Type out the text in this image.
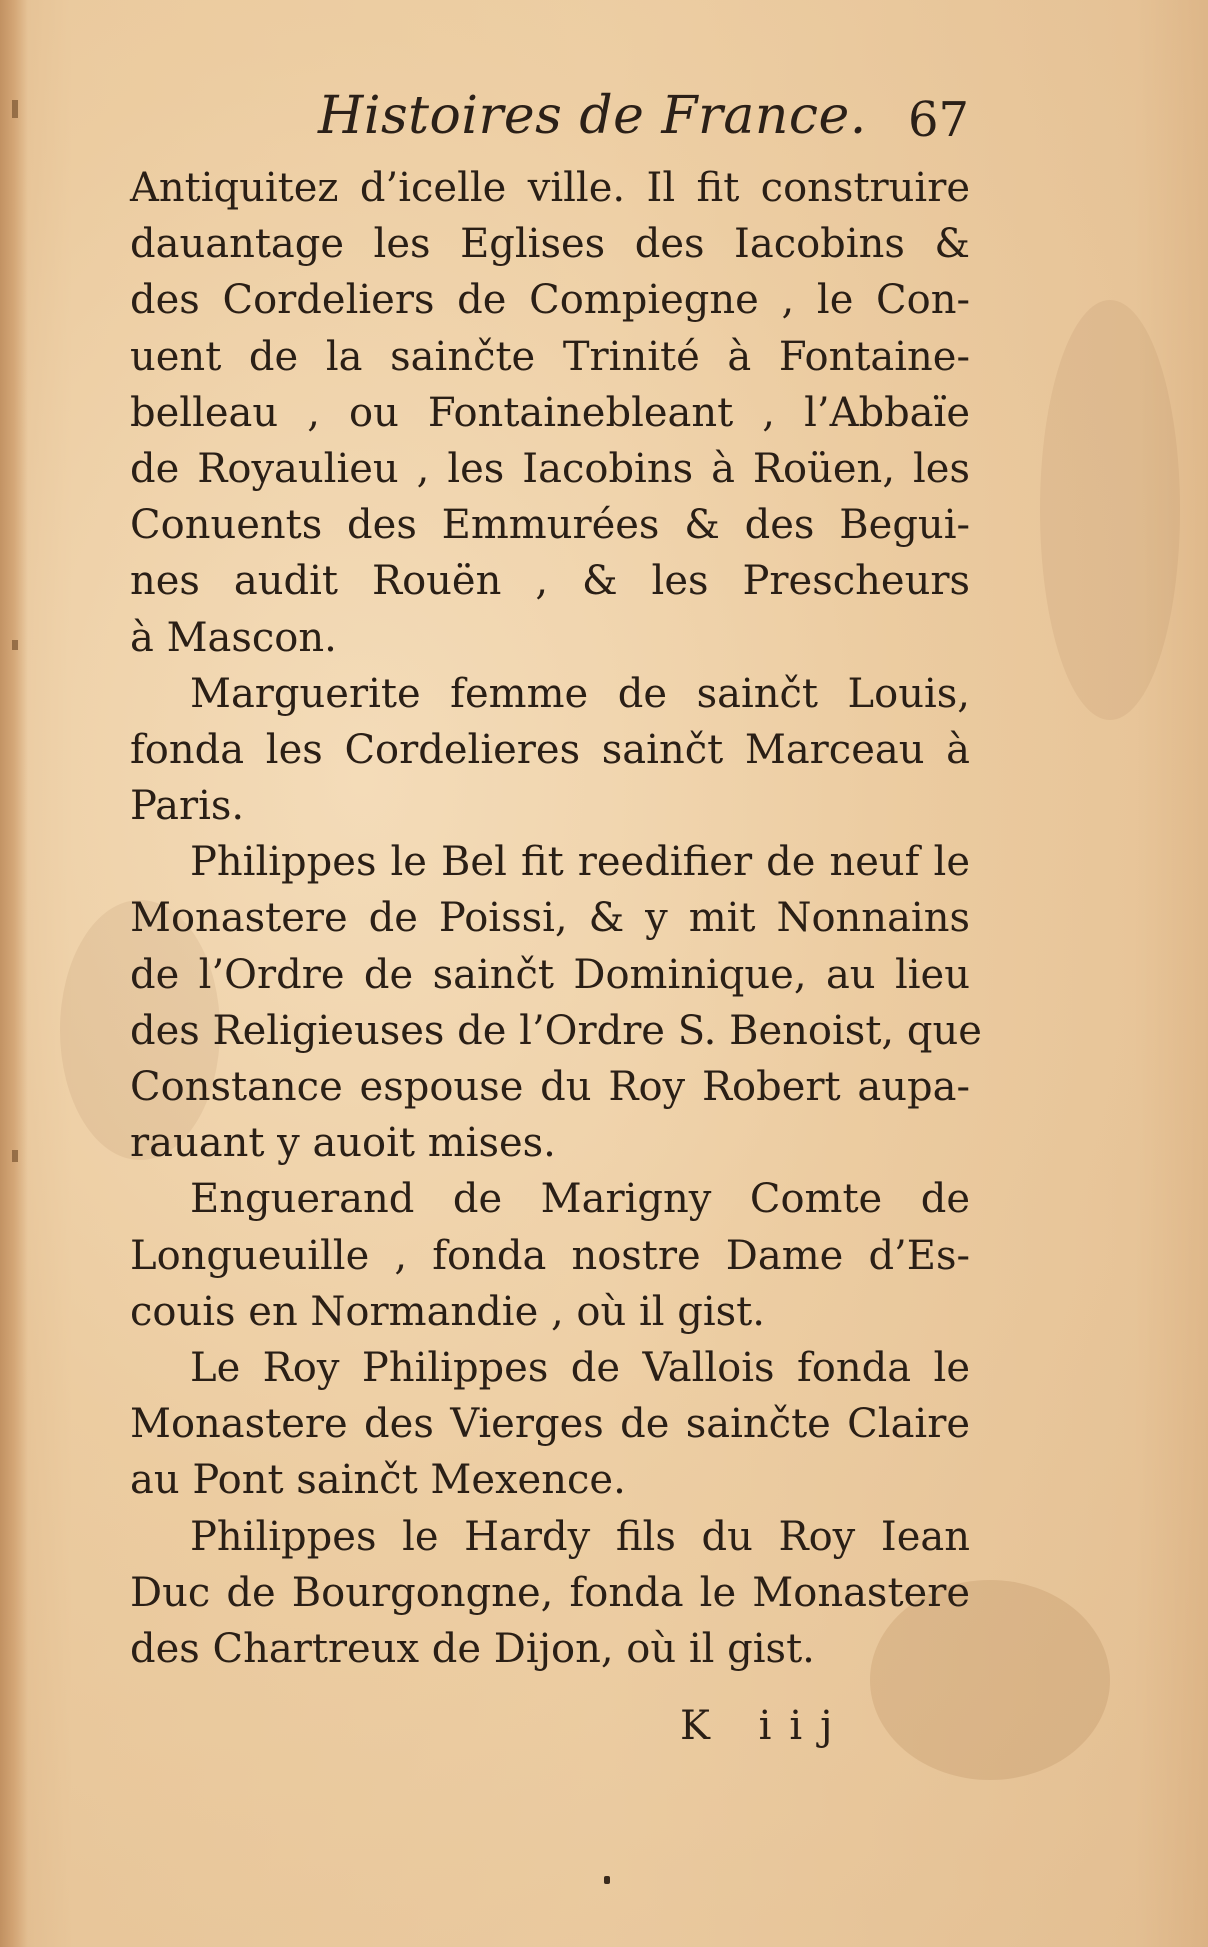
Histoires de France. 67
Antiquitez d’icelle ville. Il fit construire
dauantage les Eglises des Iacobins &
des Cordeliers de Compiegne , le Con-
uent de la sainčte Trinité à Fontaine-
belleau , ou Fontainebleant , l’Abbaïe
de Royaulieu , les Iacobins à Roüen, les
Conuents des Emmurées & des Begui-
nes audit Rouën , & les Prescheurs
à Mascon.
Marguerite femme de sainčt Louis,
fonda les Cordelieres sainčt Marceau à
Paris.
Philippes le Bel fit reedifier de neuf le
Monastere de Poissi, & y mit Nonnains
de l’Ordre de sainčt Dominique, au lieu
des Religieuses de l’Ordre S. Benoist, que
Constance espouse du Roy Robert aupa-
rauant y auoit mises.
Enguerand de Marigny Comte de
Longueuille , fonda nostre Dame d’Es-
couis en Normandie , où il gist.
Le Roy Philippes de Vallois fonda le
Monastere des Vierges de sainčte Claire
au Pont sainčt Mexence.
Philippes le Hardy fils du Roy Iean
Duc de Bourgongne, fonda le Monastere
des Chartreux de Dijon, où il gist.
K iij
